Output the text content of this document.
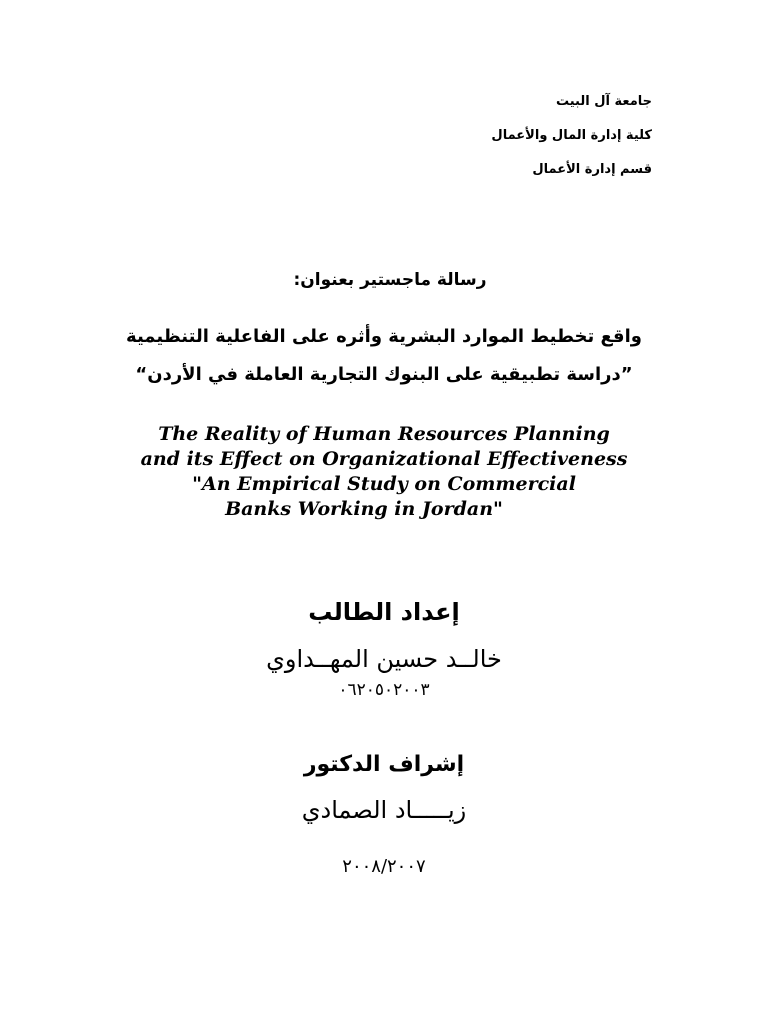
جامعة آل البيت
كلية إدارة المال والأعمال
قسم إدارة الأعمال
رسالة ماجستير بعنوان:
واقع تخطيط الموارد البشرية وأثره على الفاعلية التنظيمية
”دراسة تطبيقية على البنوك التجارية العاملة في الأردن“
The Reality of Human Resources Planning
and its Effect on Organizational Effectiveness
"An Empirical Study on Commercial
Banks Working in Jordan"
إعداد الطالب
خالــد حسين المهــداوي
٠٦٢٠٥٠٢٠٠٣
إشراف الدكتور
زيـــــاد الصمادي
٢٠٠٨/٢٠٠٧
